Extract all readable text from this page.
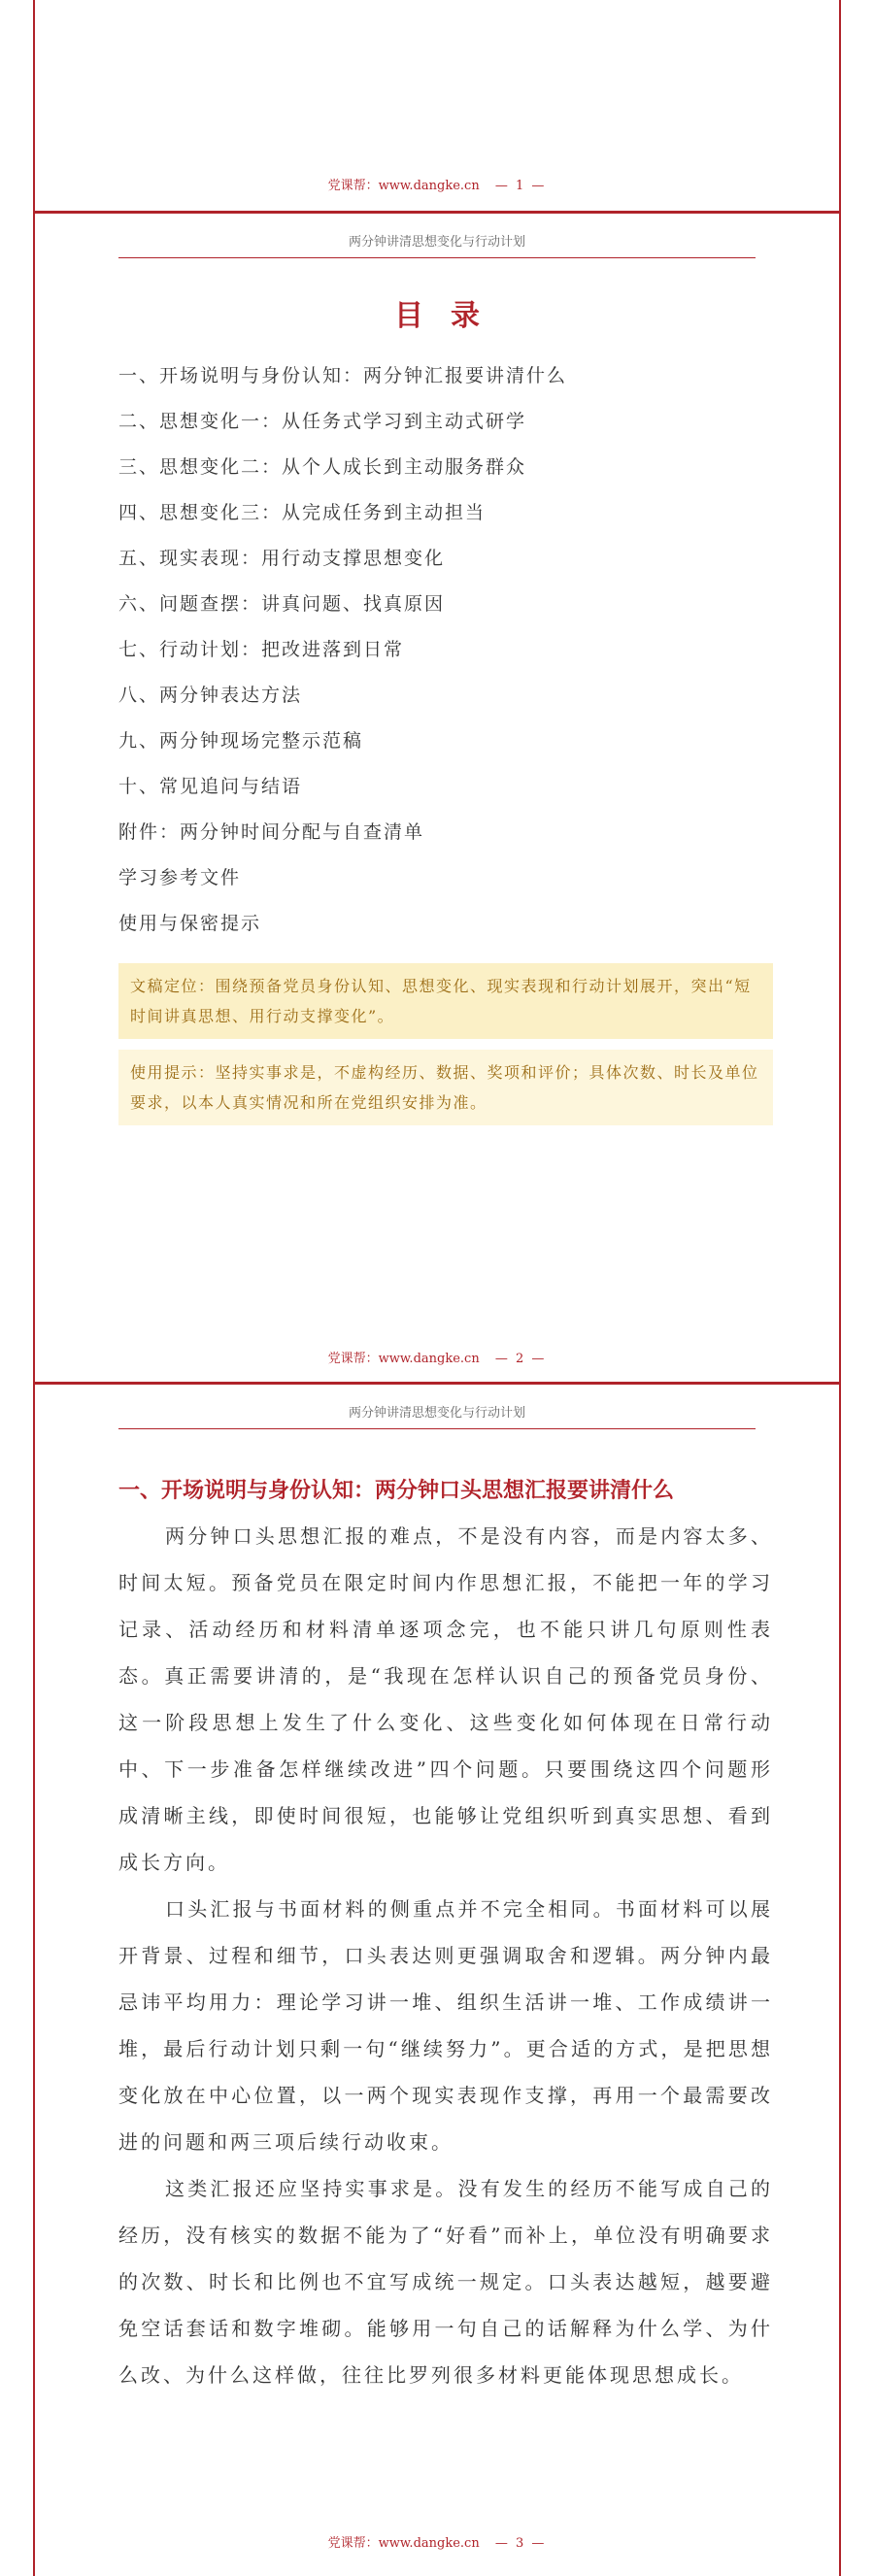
党课帮：www.dangke.cn — 1 —
两分钟讲清思想变化与行动计划
目录
一、开场说明与身份认知：两分钟汇报要讲清什么
二、思想变化一：从任务式学习到主动式研学
三、思想变化二：从个人成长到主动服务群众
四、思想变化三：从完成任务到主动担当
五、现实表现：用行动支撑思想变化
六、问题查摆：讲真问题、找真原因
七、行动计划：把改进落到日常
八、两分钟表达方法
九、两分钟现场完整示范稿
十、常见追问与结语
附件：两分钟时间分配与自查清单
学习参考文件
使用与保密提示
文稿定位：围绕预备党员身份认知、思想变化、现实表现和行动计划展开，突出“短时间讲真思想、用行动支撑变化”。
使用提示：坚持实事求是，不虚构经历、数据、奖项和评价；具体次数、时长及单位要求，以本人真实情况和所在党组织安排为准。
党课帮：www.dangke.cn — 2 —
两分钟讲清思想变化与行动计划
一、开场说明与身份认知：两分钟口头思想汇报要讲清什么

两分钟口头思想汇报的难点，不是没有内容，而是内容太多、时间太短。预备党员在限定时间内作思想汇报，不能把一年的学习记录、活动经历和材料清单逐项念完，也不能只讲几句原则性表态。真正需要讲清的，是“我现在怎样认识自己的预备党员身份、这一阶段思想上发生了什么变化、这些变化如何体现在日常行动中、下一步准备怎样继续改进”四个问题。只要围绕这四个问题形成清晰主线，即使时间很短，也能够让党组织听到真实思想、看到成长方向。

口头汇报与书面材料的侧重点并不完全相同。书面材料可以展开背景、过程和细节，口头表达则更强调取舍和逻辑。两分钟内最忌讳平均用力：理论学习讲一堆、组织生活讲一堆、工作成绩讲一堆，最后行动计划只剩一句“继续努力”。更合适的方式，是把思想变化放在中心位置，以一两个现实表现作支撑，再用一个最需要改进的问题和两三项后续行动收束。

这类汇报还应坚持实事求是。没有发生的经历不能写成自己的经历，没有核实的数据不能为了“好看”而补上，单位没有明确要求的次数、时长和比例也不宜写成统一规定。口头表达越短，越要避免空话套话和数字堆砌。能够用一句自己的话解释为什么学、为什么改、为什么这样做，往往比罗列很多材料更能体现思想成长。

党课帮：www.dangke.cn — 3 —
